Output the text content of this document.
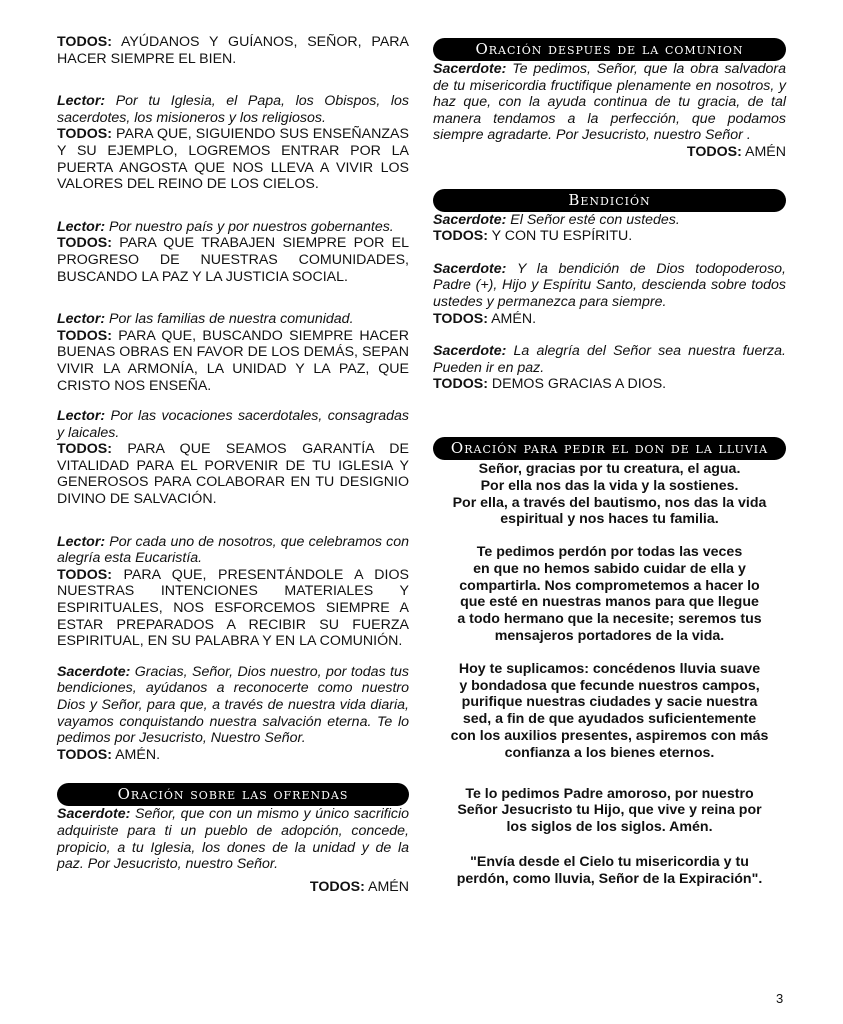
TODOS: AYÚDANOS Y GUÍANOS, SEÑOR, PARA HACER SIEMPRE EL BIEN.

Lector: Por tu Iglesia, el Papa, los Obispos, los sacerdotes, los misioneros y los religiosos.
TODOS: PARA QUE, SIGUIENDO SUS ENSEÑANZAS Y SU EJEMPLO, LOGREMOS ENTRAR POR LA PUERTA ANGOSTA QUE NOS LLEVA A VIVIR LOS VALORES DEL REINO DE LOS CIELOS.

Lector: Por nuestro país y por nuestros gobernantes.
TODOS: PARA QUE TRABAJEN SIEMPRE POR EL PROGRESO DE NUESTRAS COMUNIDADES, BUSCANDO LA PAZ Y LA JUSTICIA SOCIAL.

Lector: Por las familias de nuestra comunidad.
TODOS: PARA QUE, BUSCANDO SIEMPRE HACER BUENAS OBRAS EN FAVOR DE LOS DEMÁS, SEPAN VIVIR LA ARMONÍA, LA UNIDAD Y LA PAZ, QUE CRISTO NOS ENSEÑA.

Lector: Por las vocaciones sacerdotales, consagradas y laicales.
TODOS: PARA QUE SEAMOS GARANTÍA DE VITALIDAD PARA EL PORVENIR DE TU IGLESIA Y GENEROSOS PARA COLABORAR EN TU DESIGNIO DIVINO DE SALVACIÓN.

Lector: Por cada uno de nosotros, que celebramos con alegría esta Eucaristía.
TODOS: PARA QUE, PRESENTÁNDOLE A DIOS NUESTRAS INTENCIONES MATERIALES Y ESPIRITUALES, NOS ESFORCEMOS SIEMPRE A ESTAR PREPARADOS A RECIBIR SU FUERZA ESPIRITUAL, EN SU PALABRA Y EN LA COMUNIÓN.

Sacerdote: Gracias, Señor, Dios nuestro, por todas tus bendiciones, ayúdanos a reconocerte como nuestro Dios y Señor, para que, a través de nuestra vida diaria, vayamos conquistando nuestra salvación eterna. Te lo pedimos por Jesucristo, Nuestro Señor.
TODOS: AMÉN.

Oración sobre las ofrendas

Sacerdote: Señor, que con un mismo y único sacrificio adquiriste para ti un pueblo de adopción, concede, propicio, a tu Iglesia, los dones de la unidad y de la paz. Por Jesucristo, nuestro Señor.

TODOS: AMÉN

Oración despues de la comunion

Sacerdote: Te pedimos, Señor, que la obra salvadora de tu misericordia fructifique plenamente en nosotros, y haz que, con la ayuda continua de tu gracia, de tal manera tendamos a la perfección, que podamos siempre agradarte. Por Jesucristo, nuestro Señor .

TODOS: AMÉN

Bendición

Sacerdote: El Señor esté con ustedes.
TODOS: Y CON TU ESPÍRITU.

Sacerdote: Y la bendición de Dios todopoderoso, Padre (+), Hijo y Espíritu Santo, descienda sobre todos ustedes y permanezca para siempre.
TODOS: AMÉN.

Sacerdote: La alegría del Señor sea nuestra fuerza. Pueden ir en paz.
TODOS: DEMOS GRACIAS A DIOS.

Oración para pedir el don de la lluvia
Señor, gracias por tu creatura, el agua.
Por ella nos das la vida y la sostienes.
Por ella, a través del bautismo, nos das la vida
espiritual y nos haces tu familia.
Te pedimos perdón por todas las veces
en que no hemos sabido cuidar de ella y
compartirla. Nos comprometemos a hacer lo
que esté en nuestras manos para que llegue
a todo hermano que la necesite; seremos tus
mensajeros portadores de la vida.
Hoy te suplicamos: concédenos lluvia suave
y bondadosa que fecunde nuestros campos,
purifique nuestras ciudades y sacie nuestra
sed, a fin de que ayudados suficientemente
con los auxilios presentes, aspiremos con más
confianza a los bienes eternos.
Te lo pedimos Padre amoroso, por nuestro
Señor Jesucristo tu Hijo, que vive y reina por
los siglos de los siglos. Amén.
"Envía desde el Cielo tu misericordia y tu
perdón, como lluvia, Señor de la Expiración".
3
